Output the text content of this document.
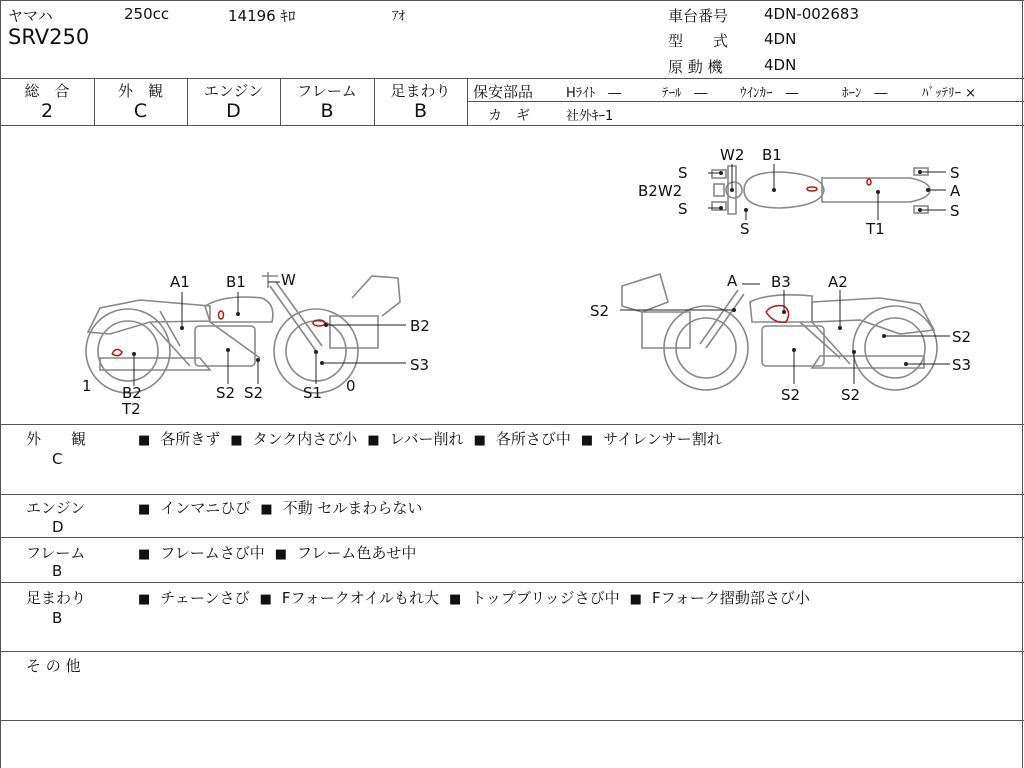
ヤマハ	250cc	14196 ｷﾛ	ｱｵ
SRV250
車台番号 4DN-002683
型　　式 4DN
原 動 機	4DN
総　合
2
外　観
C
エンジン
D
フレーム
B
足まわり
B
保安部品	Hﾗｲﾄ　―	ﾃｰﾙ　― ｳｲﾝｶｰ　―	ﾎｰﾝ　―	ﾊﾞｯﾃﾘｰ ×
カ　ギ	社外ｷｰ1
A1 B1 W
B2
S3
B2
T2
S2 S2	S1
1	0
A B3 A2
S2
S2
S3
S2	S2
W2 B1
S
S
S
S
S
A
B2W2
T1
外　　観
C
■ 各所きず ■ タンク内さび小 ■ レバー削れ ■ 各所さび中 ■ サイレンサー割れ
エンジン
D
■ インマニひび ■ 不動 セルまわらない
フレーム
B
■ フレームさび中 ■ フレーム色あせ中
足まわり
B
■ チェーンさび ■ Fフォークオイルもれ大 ■ トップブリッジさび中 ■ Fフォーク摺動部さび小
そ の 他
